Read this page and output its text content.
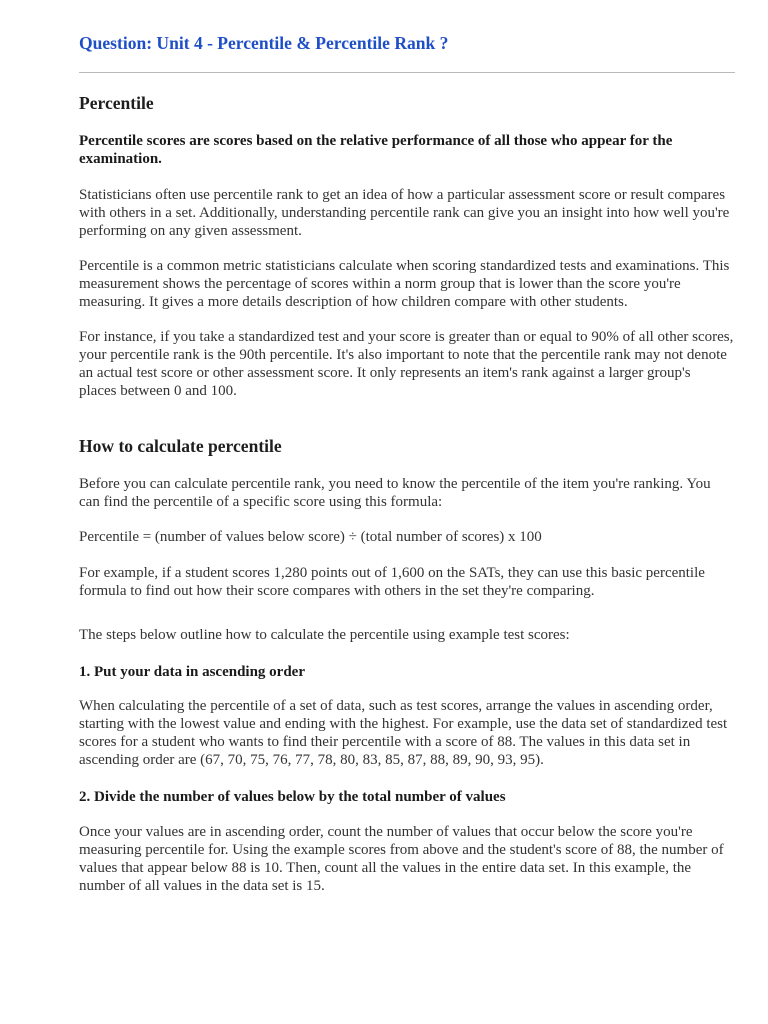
Question: Unit 4 - Percentile & Percentile Rank ?
Percentile
Percentile scores are scores based on the relative performance of all those who appear for the
examination.
Statisticians often use percentile rank to get an idea of how a particular assessment score or result compares
with others in a set. Additionally, understanding percentile rank can give you an insight into how well you're
performing on any given assessment.
Percentile is a common metric statisticians calculate when scoring standardized tests and examinations. This
measurement shows the percentage of scores within a norm group that is lower than the score you're
measuring. It gives a more details description of how children compare with other students.
For instance, if you take a standardized test and your score is greater than or equal to 90% of all other scores,
your percentile rank is the 90th percentile. It's also important to note that the percentile rank may not denote
an actual test score or other assessment score. It only represents an item's rank against a larger group's
places between 0 and 100.
How to calculate percentile
Before you can calculate percentile rank, you need to know the percentile of the item you're ranking. You
can find the percentile of a specific score using this formula:
Percentile = (number of values below score) ÷ (total number of scores) x 100
For example, if a student scores 1,280 points out of 1,600 on the SATs, they can use this basic percentile
formula to find out how their score compares with others in the set they're comparing.
The steps below outline how to calculate the percentile using example test scores:
1. Put your data in ascending order
When calculating the percentile of a set of data, such as test scores, arrange the values in ascending order,
starting with the lowest value and ending with the highest. For example, use the data set of standardized test
scores for a student who wants to find their percentile with a score of 88. The values in this data set in
ascending order are (67, 70, 75, 76, 77, 78, 80, 83, 85, 87, 88, 89, 90, 93, 95).
2. Divide the number of values below by the total number of values
Once your values are in ascending order, count the number of values that occur below the score you're
measuring percentile for. Using the example scores from above and the student's score of 88, the number of
values that appear below 88 is 10. Then, count all the values in the entire data set. In this example, the
number of all values in the data set is 15.
